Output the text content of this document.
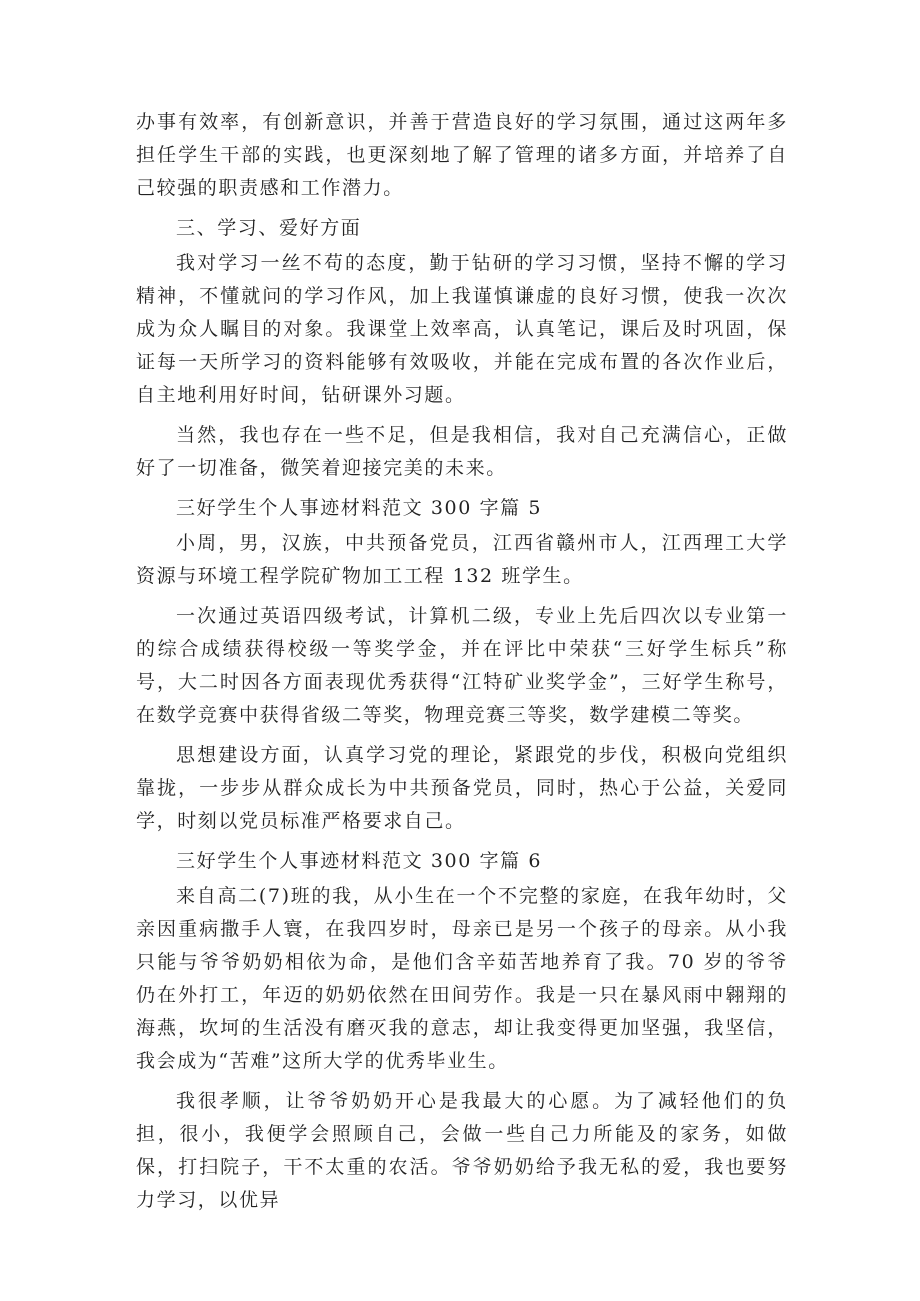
办事有效率，有创新意识，并善于营造良好的学习氛围，通过这两年多担任学生干部的实践，也更深刻地了解了管理的诸多方面，并培养了自己较强的职责感和工作潜力。

三、学习、爱好方面

我对学习一丝不苟的态度，勤于钻研的学习习惯，坚持不懈的学习精神，不懂就问的学习作风，加上我谨慎谦虚的良好习惯，使我一次次成为众人瞩目的对象。我课堂上效率高，认真笔记，课后及时巩固，保证每一天所学习的资料能够有效吸收，并能在完成布置的各次作业后，自主地利用好时间，钻研课外习题。

当然，我也存在一些不足，但是我相信，我对自己充满信心，正做好了一切准备，微笑着迎接完美的未来。

三好学生个人事迹材料范文 300 字篇 5

小周，男，汉族，中共预备党员，江西省赣州市人，江西理工大学资源与环境工程学院矿物加工工程 132 班学生。

一次通过英语四级考试，计算机二级，专业上先后四次以专业第一的综合成绩获得校级一等奖学金，并在评比中荣获“三好学生标兵”称号，大二时因各方面表现优秀获得“江特矿业奖学金”，三好学生称号，在数学竞赛中获得省级二等奖，物理竞赛三等奖，数学建模二等奖。

思想建设方面，认真学习党的理论，紧跟党的步伐，积极向党组织靠拢，一步步从群众成长为中共预备党员，同时，热心于公益，关爱同学，时刻以党员标准严格要求自己。

三好学生个人事迹材料范文 300 字篇 6

来自高二(7)班的我，从小生在一个不完整的家庭，在我年幼时，父亲因重病撒手人寰，在我四岁时，母亲已是另一个孩子的母亲。从小我只能与爷爷奶奶相依为命，是他们含辛茹苦地养育了我。70 岁的爷爷仍在外打工，年迈的奶奶依然在田间劳作。我是一只在暴风雨中翱翔的海燕，坎坷的生活没有磨灭我的意志，却让我变得更加坚强，我坚信，我会成为“苦难”这所大学的优秀毕业生。

我很孝顺，让爷爷奶奶开心是我最大的心愿。为了减轻他们的负担，很小，我便学会照顾自己，会做一些自己力所能及的家务，如做保，打扫院子，干不太重的农活。爷爷奶奶给予我无私的爱，我也要努力学习，以优异
